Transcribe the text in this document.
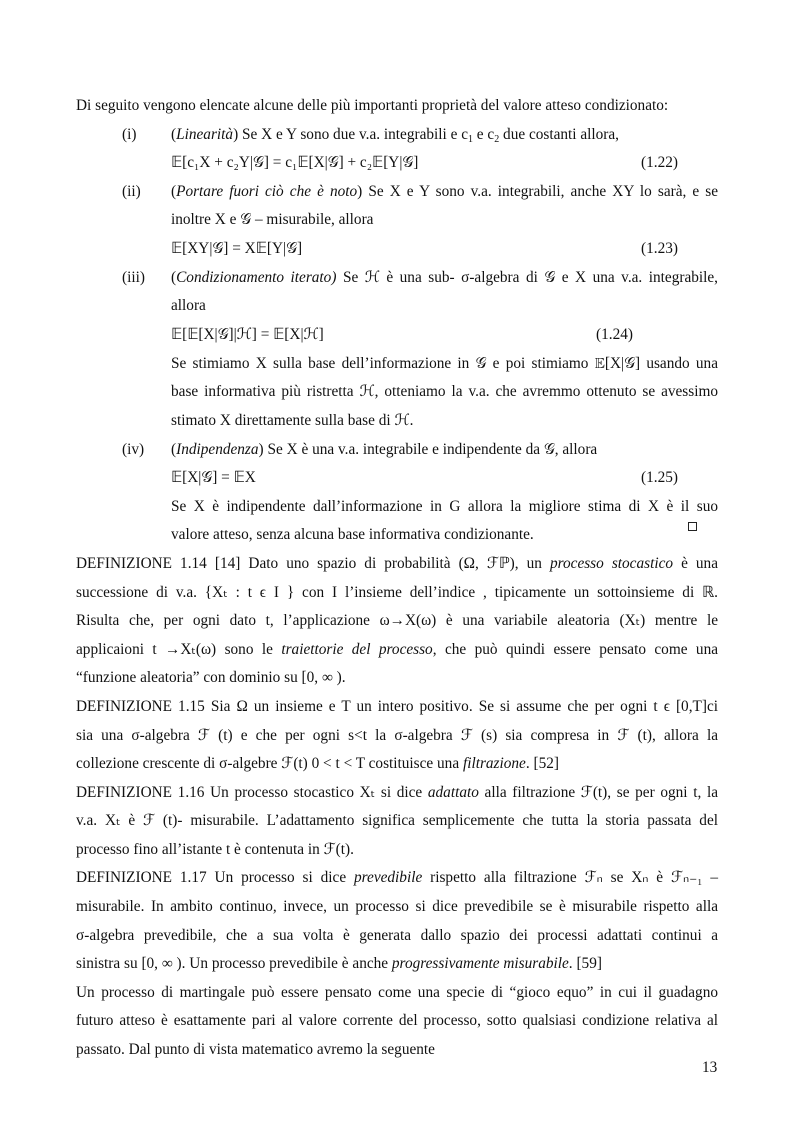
Di seguito vengono elencate alcune delle più importanti proprietà del valore atteso condizionato:
(i) (Linearità) Se X e Y sono due v.a. integrabili e $c_1$ e $c_2$ due costanti allora,
𝔼[c₁X + c₂Y|𝒢] = c₁𝔼[X|𝒢] + c₂𝔼[Y|𝒢]	(1.22)
(ii) (Portare fuori ciò che è noto) Se X e Y sono v.a. integrabili, anche XY lo sarà, e se
inoltre X e 𝒢 – misurabile, allora
𝔼[XY|𝒢] = X𝔼[Y|𝒢]	(1.23)
(iii) (Condizionamento iterato) Se ℋ è una sub- σ-algebra di 𝒢 e X una v.a. integrabile,
allora
𝔼[𝔼[X|𝒢]|ℋ] = 𝔼[X|ℋ]	(1.24)
Se stimiamo X sulla base dell’informazione in 𝒢 e poi stimiamo 𝔼[X|𝒢] usando una
base informativa più ristretta ℋ, otteniamo la v.a. che avremmo ottenuto se avessimo
stimato X direttamente sulla base di ℋ.
(iv) (Indipendenza) Se X è una v.a. integrabile e indipendente da 𝒢, allora
𝔼[X|𝒢] = 𝔼X	(1.25)
Se X è indipendente dall’informazione in G allora la migliore stima di X è il suo
valore atteso, senza alcuna base informativa condizionante.
DEFINIZIONE 1.14 [14] Dato uno spazio di probabilità (Ω, ℱℙ), un processo stocastico è una
successione di v.a. {Xₜ : t ϵ I } con I l’insieme dell’indice , tipicamente un sottoinsieme di ℝ.
Risulta che, per ogni dato t, l’applicazione ω→X(ω) è una variabile aleatoria (Xₜ) mentre le
applicaioni t →Xₜ(ω) sono le traiettorie del processo, che può quindi essere pensato come una
“funzione aleatoria” con dominio su [0, ∞ ).
DEFINIZIONE 1.15 Sia Ω un insieme e T un intero positivo. Se si assume che per ogni t ϵ [0,T]ci
sia una σ-algebra ℱ (t) e che per ogni s<t la σ-algebra ℱ (s) sia compresa in ℱ (t), allora la
collezione crescente di σ-algebre ℱ(t) 0 < t < T costituisce una filtrazione. [52]
DEFINIZIONE 1.16 Un processo stocastico Xₜ si dice adattato alla filtrazione ℱ(t), se per ogni t, la
v.a. Xₜ è ℱ (t)- misurabile. L’adattamento significa semplicemente che tutta la storia passata del
processo fino all’istante t è contenuta in ℱ(t).
DEFINIZIONE 1.17 Un processo si dice prevedibile rispetto alla filtrazione ℱₙ se Xₙ è ℱₙ₋₁ –
misurabile. In ambito continuo, invece, un processo si dice prevedibile se è misurabile rispetto alla
σ-algebra prevedibile, che a sua volta è generata dallo spazio dei processi adattati continui a
sinistra su [0, ∞ ). Un processo prevedibile è anche progressivamente misurabile. [59]
Un processo di martingale può essere pensato come una specie di “gioco equo” in cui il guadagno
futuro atteso è esattamente pari al valore corrente del processo, sotto qualsiasi condizione relativa al
passato. Dal punto di vista matematico avremo la seguente
13
